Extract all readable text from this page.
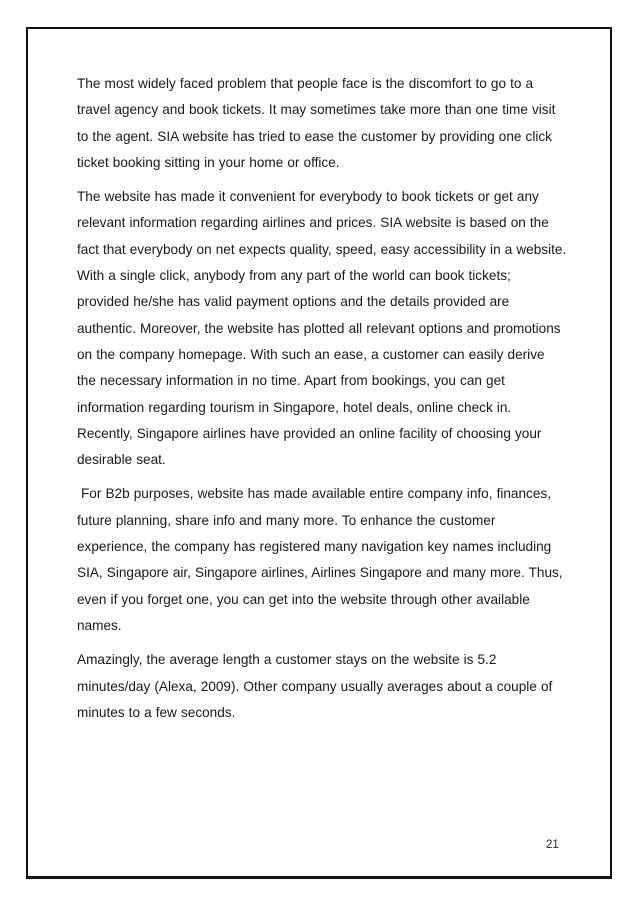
The most widely faced problem that people face is the discomfort to go to a travel agency and book tickets. It may sometimes take more than one time visit to the agent. SIA website has tried to ease the customer by providing one click ticket booking sitting in your home or office.

The website has made it convenient for everybody to book tickets or get any relevant information regarding airlines and prices. SIA website is based on the fact that everybody on net expects quality, speed, easy accessibility in a website. With a single click, anybody from any part of the world can book tickets; provided he/she has valid payment options and the details provided are authentic. Moreover, the website has plotted all relevant options and promotions on the company homepage. With such an ease, a customer can easily derive the necessary information in no time. Apart from bookings, you can get information regarding tourism in Singapore, hotel deals, online check in. Recently, Singapore airlines have provided an online facility of choosing your desirable seat.

For B2b purposes, website has made available entire company info, finances, future planning, share info and many more. To enhance the customer experience, the company has registered many navigation key names including SIA, Singapore air, Singapore airlines, Airlines Singapore and many more. Thus, even if you forget one, you can get into the website through other available names.

Amazingly, the average length a customer stays on the website is 5.2 minutes/day (Alexa, 2009). Other company usually averages about a couple of minutes to a few seconds.

21
